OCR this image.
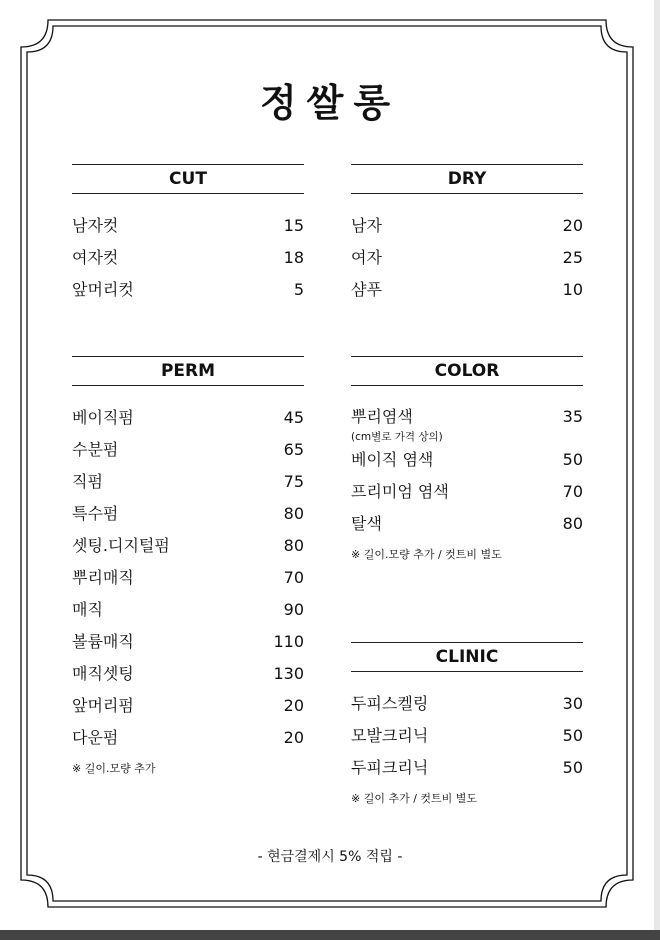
정쌀롱
CUT
남자컷	15
여자컷	18
앞머리컷	5
DRY
남자	20
여자	25
샴푸	10
PERM
베이직펌	45
수분펌	65
직펌	75
특수펌	80
셋팅.디지털펌	80
뿌리매직	70
매직	90
볼륨매직	110
매직셋팅	130
앞머리펌	20
다운펌	20
※ 길이.모량 추가
COLOR
뿌리염색	35
(cm별로 가격 상의)
베이직 염색	50
프리미엄 염색	70
탈색	80
※ 길이.모량 추가 / 컷트비 별도
CLINIC
두피스켈링	30
모발크리닉	50
두피크리닉	50
※ 길이 추가 / 컷트비 별도
- 현금결제시 5% 적립 -
